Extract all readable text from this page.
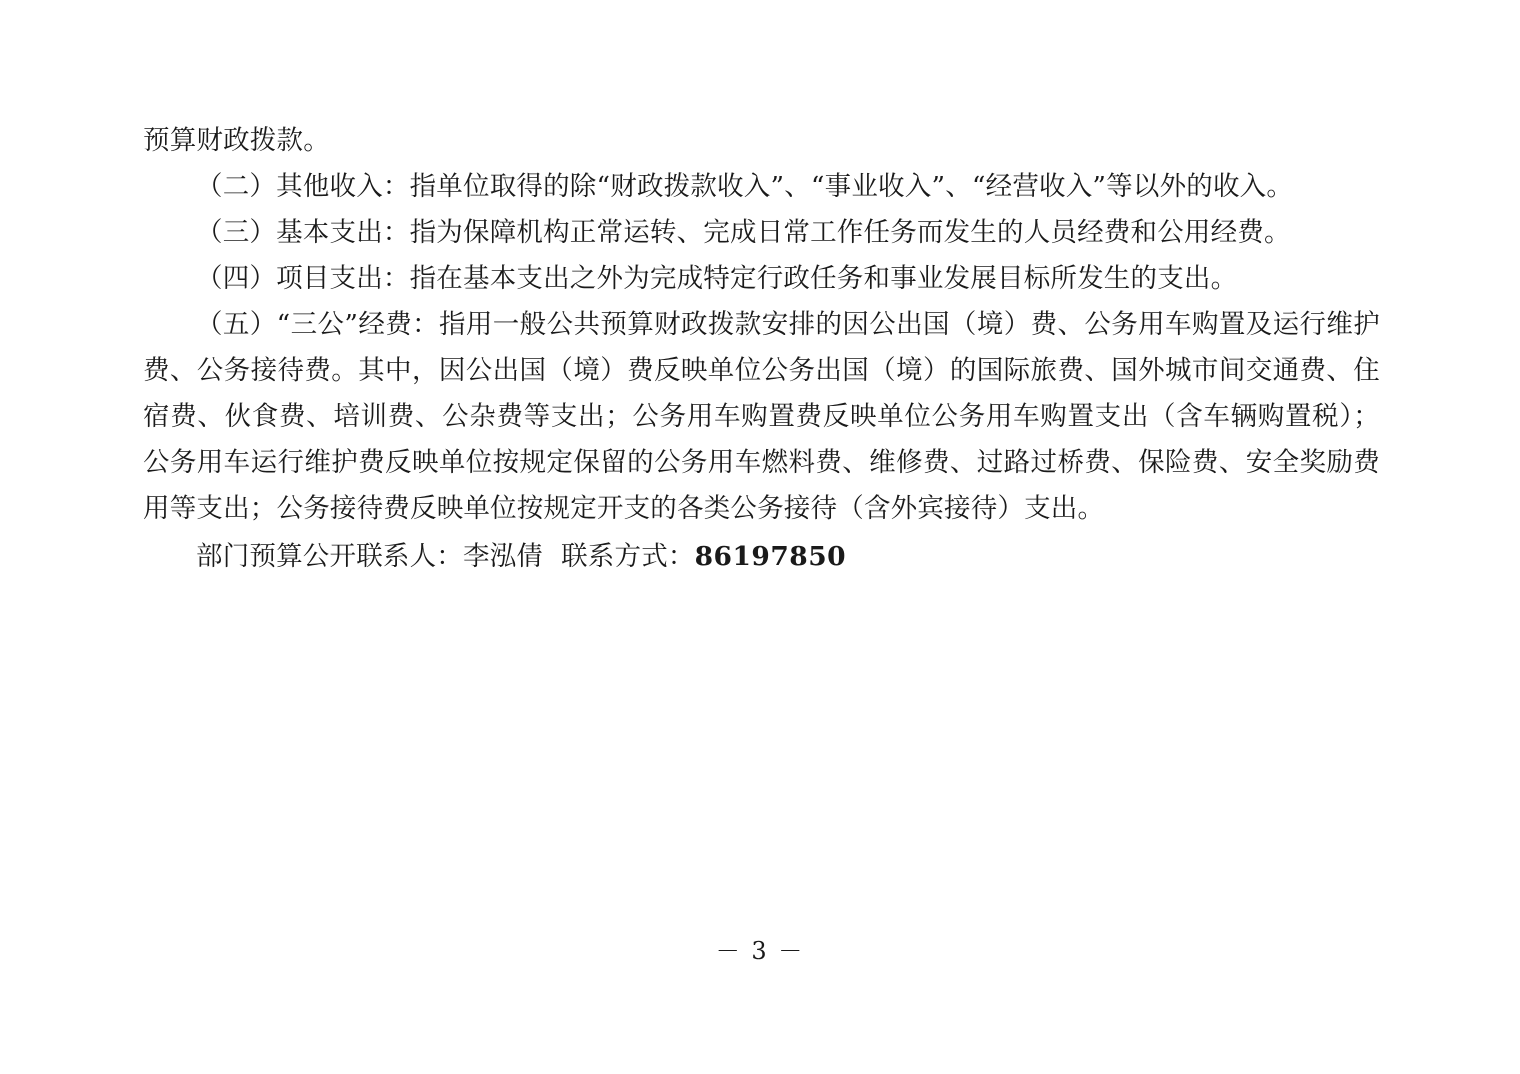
预算财政拨款。

（二）其他收入：指单位取得的除“财政拨款收入”、“事业收入”、“经营收入”等以外的收入。

（三）基本支出：指为保障机构正常运转、完成日常工作任务而发生的人员经费和公用经费。

（四）项目支出：指在基本支出之外为完成特定行政任务和事业发展目标所发生的支出。

（五）“三公”经费：指用一般公共预算财政拨款安排的因公出国（境）费、公务用车购置及运行维护费、公务接待费。其中，因公出国（境）费反映单位公务出国（境）的国际旅费、国外城市间交通费、住宿费、伙食费、培训费、公杂费等支出；公务用车购置费反映单位公务用车购置支出（含车辆购置税）；公务用车运行维护费反映单位按规定保留的公务用车燃料费、维修费、过路过桥费、保险费、安全奖励费用等支出；公务接待费反映单位按规定开支的各类公务接待（含外宾接待）支出。

部门预算公开联系人：李泓倩 联系方式：86197850

－ 3 －
